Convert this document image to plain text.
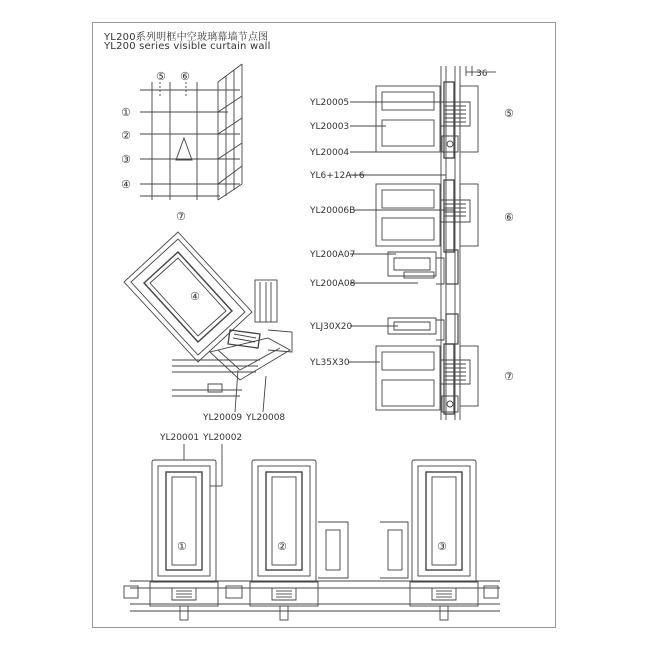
YL200系列明框中空玻璃幕墙节点图
YL200 series visible curtain wall
⑤ ⑥
①
②
③
④
⑦
④
YL20009 YL20008
36
YL20005
YL20003
YL20004
YL6+12A+6
YL20006B
YL200A07
YL200A08
YLJ30X20
YL35X30
⑤
⑥
⑦
YL20001 YL20002
①	②	③
